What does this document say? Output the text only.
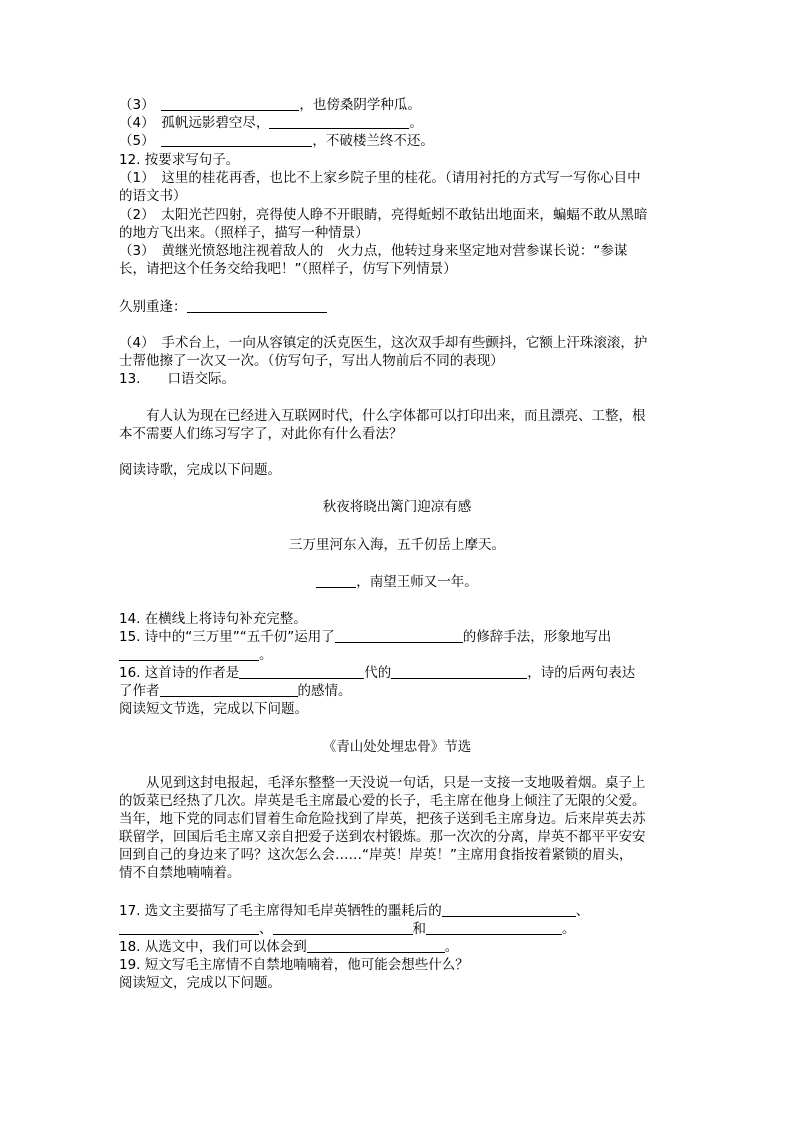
（3）　	，也傍桑阴学种瓜。
（4）　孤帆远影碧空尽，	。
（5）　	，不破楼兰终不还。
12. 按要求写句子。
（1）　这里的桂花再香，也比不上家乡院子里的桂花。（请用衬托的方式写一写你心目中
的语文书）
（2）　太阳光芒四射，亮得使人睁不开眼睛，亮得蚯蚓不敢钻出地面来，蝙蝠不敢从黑暗
的地方飞出来。（照样子，描写一种情景）
（3）　黄继光愤怒地注视着敌人的　火力点，他转过身来坚定地对营参谋长说：“参谋
长，请把这个任务交给我吧！”（照样子，仿写下列情景）
久别重逢：
（4）　手术台上，一向从容镇定的沃克医生，这次双手却有些颤抖，它额上汗珠滚滚，护
士帮他擦了一次又一次。（仿写句子，写出人物前后不同的表现）
13.　　口语交际。
有人认为现在已经进入互联网时代，什么字体都可以打印出来，而且漂亮、工整，根
本不需要人们练习写字了，对此你有什么看法？
阅读诗歌，完成以下问题。
秋夜将晓出篱门迎凉有感
三万里河东入海，五千仞岳上摩天。
，南望王师又一年。
14. 在横线上将诗句补充完整。
15. 诗中的“三万里”“五千仞”运用了	的修辞手法，形象地写出
。
16. 这首诗的作者是	代的	，诗的后两句表达
了作者	的感情。
阅读短文节选，完成以下问题。
《青山处处埋忠骨》节选
从见到这封电报起，毛泽东整整一天没说一句话，只是一支接一支地吸着烟。桌子上
的饭菜已经热了几次。岸英是毛主席最心爱的长子，毛主席在他身上倾注了无限的父爱。
当年，地下党的同志们冒着生命危险找到了岸英，把孩子送到毛主席身边。后来岸英去苏
联留学，回国后毛主席又亲自把爱子送到农村锻炼。那一次次的分离，岸英不都平平安安
回到自己的身边来了吗？这次怎么会……“岸英！岸英！”主席用食指按着紧锁的眉头，
情不自禁地喃喃着。
17. 选文主要描写了毛主席得知毛岸英牺牲的噩耗后的	、
、	和	。
18. 从选文中，我们可以体会到	。
19. 短文写毛主席情不自禁地喃喃着，他可能会想些什么？
阅读短文，完成以下问题。
